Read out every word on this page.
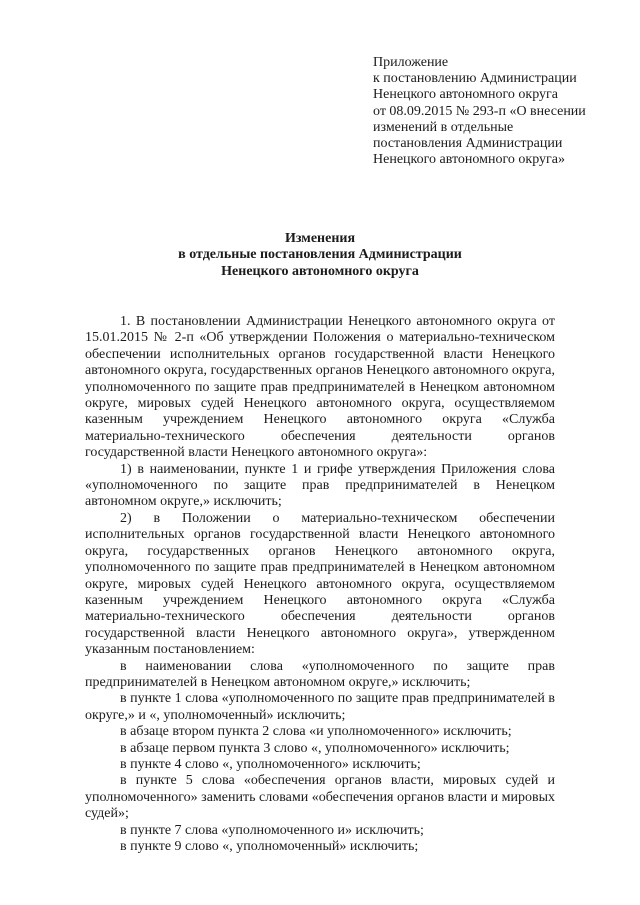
Приложение
к постановлению Администрации
Ненецкого автономного округа
от 08.09.2015 № 293-п «О внесении
изменений в отдельные
постановления Администрации
Ненецкого автономного округа»
Изменения
в отдельные постановления Администрации
Ненецкого автономного округа

1. В постановлении Администрации Ненецкого автономного округа от 15.01.2015 № 2-п «Об утверждении Положения о материально-техническом обеспечении исполнительных органов государственной власти Ненецкого автономного округа, государственных органов Ненецкого автономного округа, уполномоченного по защите прав предпринимателей в Ненецком автономном округе, мировых судей Ненецкого автономного округа, осуществляемом казенным учреждением Ненецкого автономного округа «Служба материально-технического обеспечения деятельности органов государственной власти Ненецкого автономного округа»:

1) в наименовании, пункте 1 и грифе утверждения Приложения слова «уполномоченного по защите прав предпринимателей в Ненецком автономном округе,» исключить;

2) в Положении о материально-техническом обеспечении исполнительных органов государственной власти Ненецкого автономного округа, государственных органов Ненецкого автономного округа, уполномоченного по защите прав предпринимателей в Ненецком автономном округе, мировых судей Ненецкого автономного округа, осуществляемом казенным учреждением Ненецкого автономного округа «Служба материально-технического обеспечения деятельности органов государственной власти Ненецкого автономного округа», утвержденном указанным постановлением:

в наименовании слова «уполномоченного по защите прав предпринимателей в Ненецком автономном округе,» исключить;

в пункте 1 слова «уполномоченного по защите прав предпринимателей в округе,» и «, уполномоченный» исключить;

в абзаце втором пункта 2 слова «и уполномоченного» исключить;

в абзаце первом пункта 3 слово «, уполномоченного» исключить;

в пункте 4 слово «, уполномоченного» исключить;

в пункте 5 слова «обеспечения органов власти, мировых судей и уполномоченного» заменить словами «обеспечения органов власти и мировых судей»;

в пункте 7 слова «уполномоченного и» исключить;

в пункте 9 слово «, уполномоченный» исключить;
